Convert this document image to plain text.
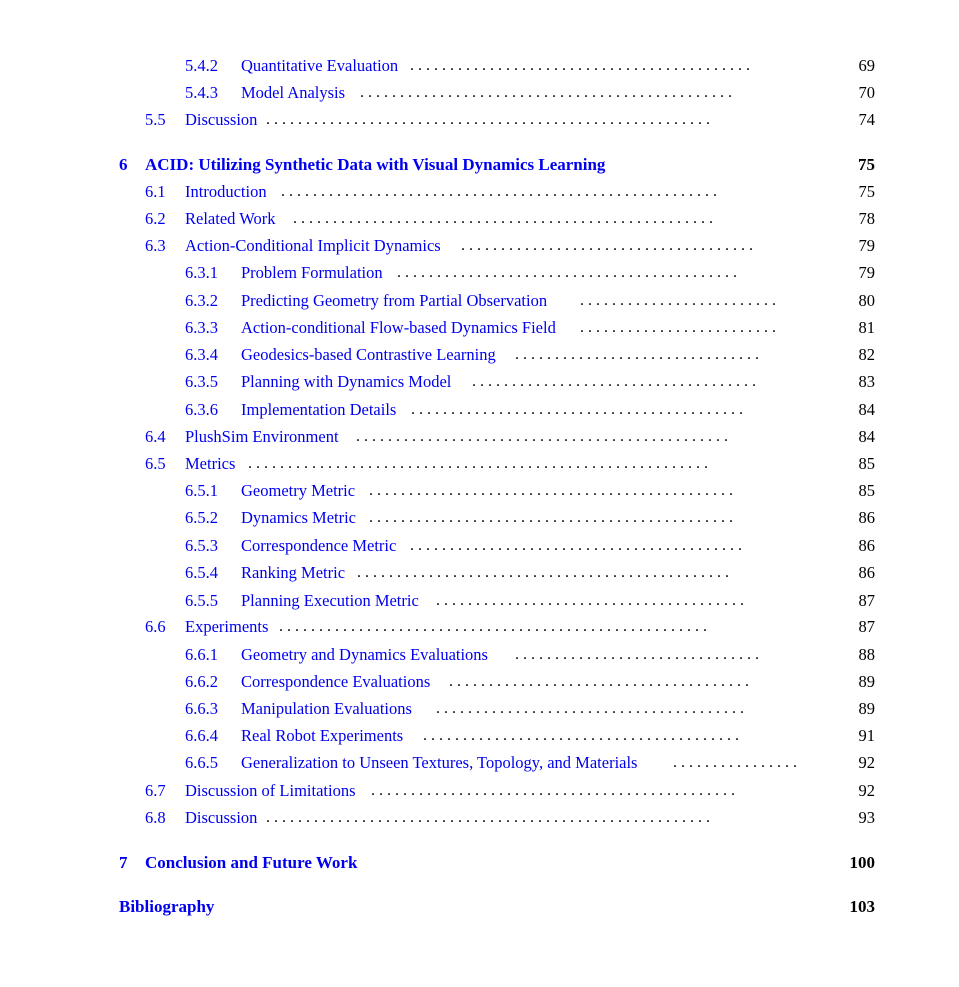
5.4.2 Quantitative Evaluation . . . . . . . . . . . . . . . . . . . . . . . . . . . . . . . . . . . . . . . . . . .	69
5.4.3 Model Analysis . . . . . . . . . . . . . . . . . . . . . . . . . . . . . . . . . . . . . . . . . . . . . . .	70
5.5 Discussion . . . . . . . . . . . . . . . . . . . . . . . . . . . . . . . . . . . . . . . . . . . . . . . . . . . . . . . .	74
6 ACID: Utilizing Synthetic Data with Visual Dynamics Learning	75
6.1 Introduction . . . . . . . . . . . . . . . . . . . . . . . . . . . . . . . . . . . . . . . . . . . . . . . . . . . . . . .	75
6.2 Related Work . . . . . . . . . . . . . . . . . . . . . . . . . . . . . . . . . . . . . . . . . . . . . . . . . . . . .	78
6.3 Action-Conditional Implicit Dynamics . . . . . . . . . . . . . . . . . . . . . . . . . . . . . . . . . . . . .	79
6.3.1 Problem Formulation . . . . . . . . . . . . . . . . . . . . . . . . . . . . . . . . . . . . . . . . . . .	79
6.3.2 Predicting Geometry from Partial Observation . . . . . . . . . . . . . . . . . . . . . . . . .	80
6.3.3 Action-conditional Flow-based Dynamics Field . . . . . . . . . . . . . . . . . . . . . . . . .	81
6.3.4 Geodesics-based Contrastive Learning . . . . . . . . . . . . . . . . . . . . . . . . . . . . . . .	82
6.3.5 Planning with Dynamics Model . . . . . . . . . . . . . . . . . . . . . . . . . . . . . . . . . . . .	83
6.3.6 Implementation Details . . . . . . . . . . . . . . . . . . . . . . . . . . . . . . . . . . . . . . . . . .	84
6.4 PlushSim Environment . . . . . . . . . . . . . . . . . . . . . . . . . . . . . . . . . . . . . . . . . . . . . . .	84
6.5 Metrics . . . . . . . . . . . . . . . . . . . . . . . . . . . . . . . . . . . . . . . . . . . . . . . . . . . . . . . . . .	85
6.5.1 Geometry Metric . . . . . . . . . . . . . . . . . . . . . . . . . . . . . . . . . . . . . . . . . . . . . .	85
6.5.2 Dynamics Metric . . . . . . . . . . . . . . . . . . . . . . . . . . . . . . . . . . . . . . . . . . . . . .	86
6.5.3 Correspondence Metric . . . . . . . . . . . . . . . . . . . . . . . . . . . . . . . . . . . . . . . . . .	86
6.5.4 Ranking Metric . . . . . . . . . . . . . . . . . . . . . . . . . . . . . . . . . . . . . . . . . . . . . . .	86
6.5.5 Planning Execution Metric . . . . . . . . . . . . . . . . . . . . . . . . . . . . . . . . . . . . . . .	87
6.6 Experiments . . . . . . . . . . . . . . . . . . . . . . . . . . . . . . . . . . . . . . . . . . . . . . . . . . . . . .	87
6.6.1 Geometry and Dynamics Evaluations . . . . . . . . . . . . . . . . . . . . . . . . . . . . . . .	88
6.6.2 Correspondence Evaluations . . . . . . . . . . . . . . . . . . . . . . . . . . . . . . . . . . . . . .	89
6.6.3 Manipulation Evaluations . . . . . . . . . . . . . . . . . . . . . . . . . . . . . . . . . . . . . . .	89
6.6.4 Real Robot Experiments . . . . . . . . . . . . . . . . . . . . . . . . . . . . . . . . . . . . . . . .	91
6.6.5 Generalization to Unseen Textures, Topology, and Materials . . . . . . . . . . . . . . . .	92
6.7 Discussion of Limitations . . . . . . . . . . . . . . . . . . . . . . . . . . . . . . . . . . . . . . . . . . . . . .	92
6.8 Discussion . . . . . . . . . . . . . . . . . . . . . . . . . . . . . . . . . . . . . . . . . . . . . . . . . . . . . . . .	93
7 Conclusion and Future Work	100
Bibliography	103
